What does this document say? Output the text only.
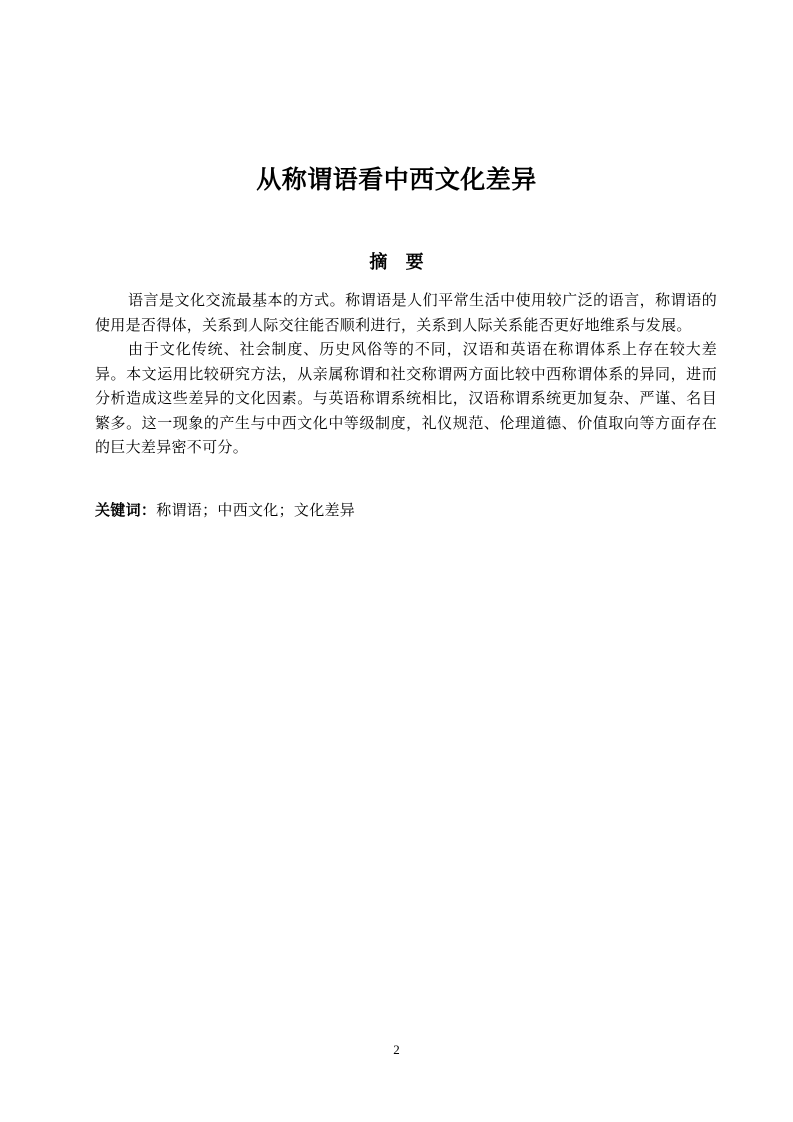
从称谓语看中西文化差异
摘 要

语言是文化交流最基本的方式。称谓语是人们平常生活中使用较广泛的语言，称谓语的使用是否得体，关系到人际交往能否顺利进行，关系到人际关系能否更好地维系与发展。

由于文化传统、社会制度、历史风俗等的不同，汉语和英语在称谓体系上存在较大差异。本文运用比较研究方法，从亲属称谓和社交称谓两方面比较中西称谓体系的异同，进而分析造成这些差异的文化因素。与英语称谓系统相比，汉语称谓系统更加复杂、严谨、名目繁多。这一现象的产生与中西文化中等级制度，礼仪规范、伦理道德、价值取向等方面存在的巨大差异密不可分。

关键词：称谓语；中西文化；文化差异
2
